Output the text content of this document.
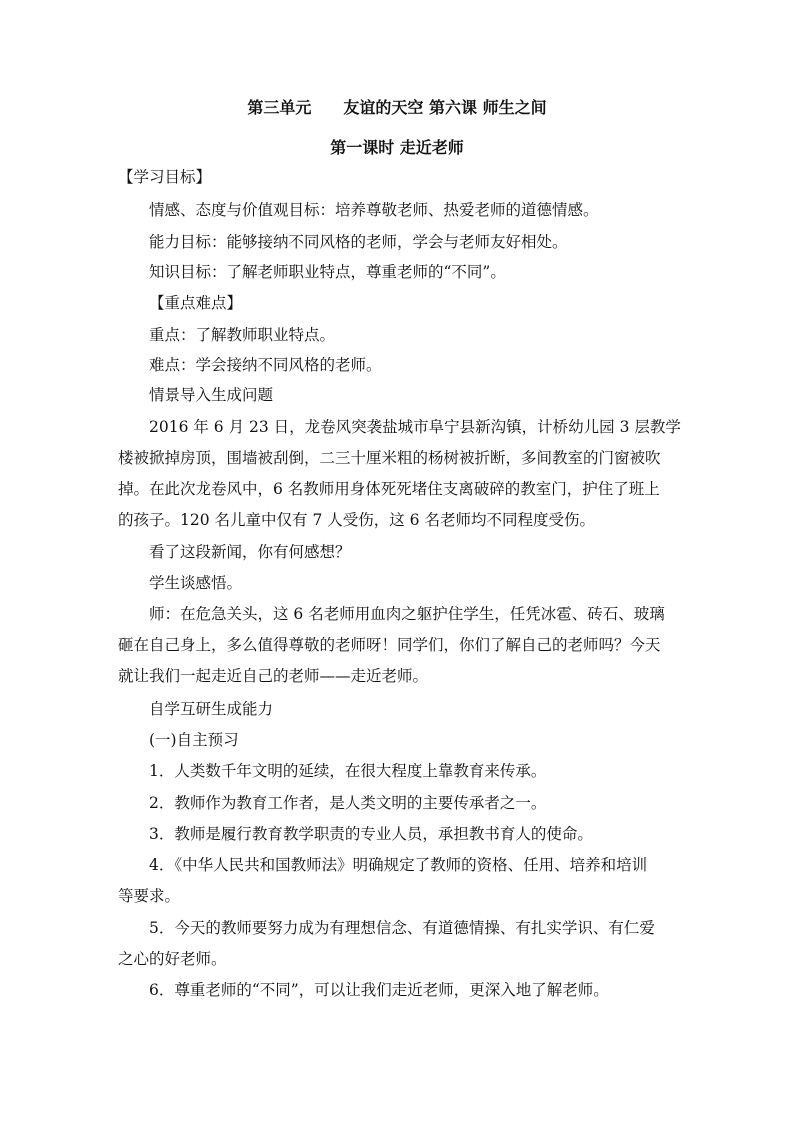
第三单元　　友谊的天空 第六课 师生之间
第一课时 走近老师
【学习目标】
情感、态度与价值观目标：培养尊敬老师、热爱老师的道德情感。
能力目标：能够接纳不同风格的老师，学会与老师友好相处。
知识目标：了解老师职业特点，尊重老师的“不同”。
【重点难点】
重点：了解教师职业特点。
难点：学会接纳不同风格的老师。
情景导入生成问题
2016 年 6 月 23 日，龙卷风突袭盐城市阜宁县新沟镇，计桥幼儿园 3 层教学
楼被掀掉房顶，围墙被刮倒，二三十厘米粗的杨树被折断，多间教室的门窗被吹
掉。在此次龙卷风中，6 名教师用身体死死堵住支离破碎的教室门，护住了班上
的孩子。120 名儿童中仅有 7 人受伤，这 6 名老师均不同程度受伤。
看了这段新闻，你有何感想？
学生谈感悟。
师：在危急关头，这 6 名老师用血肉之躯护住学生，任凭冰雹、砖石、玻璃
砸在自己身上，多么值得尊敬的老师呀！同学们，你们了解自己的老师吗？今天
就让我们一起走近自己的老师——走近老师。
自学互研生成能力
(一)自主预习
1．人类数千年文明的延续，在很大程度上靠教育来传承。
2．教师作为教育工作者，是人类文明的主要传承者之一。
3．教师是履行教育教学职责的专业人员，承担教书育人的使命。
4．《中华人民共和国教师法》明确规定了教师的资格、任用、培养和培训
等要求。
5．今天的教师要努力成为有理想信念、有道德情操、有扎实学识、有仁爱
之心的好老师。
6．尊重老师的“不同”，可以让我们走近老师，更深入地了解老师。
